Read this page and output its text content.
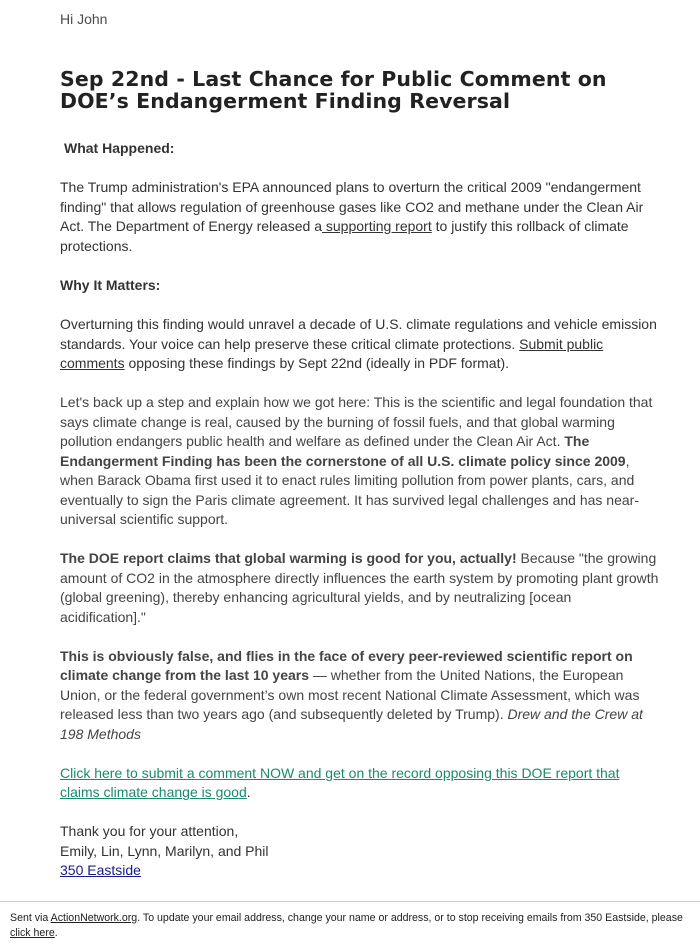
Hi John
Sep 22nd - Last Chance for Public Comment on
DOE’s Endangerment Finding Reversal
What Happened:

The Trump administration's EPA announced plans to overturn the critical 2009 "endangerment finding" that allows regulation of greenhouse gases like CO2 and methane under the Clean Air Act. The Department of Energy released a supporting report to justify this rollback of climate protections.

Why It Matters:

Overturning this finding would unravel a decade of U.S. climate regulations and vehicle emission standards. Your voice can help preserve these critical climate protections. Submit public comments opposing these findings by Sept 22nd (ideally in PDF format).

Let's back up a step and explain how we got here: This is the scientific and legal foundation that says climate change is real, caused by the burning of fossil fuels, and that global warming pollution endangers public health and welfare as defined under the Clean Air Act. The Endangerment Finding has been the cornerstone of all U.S. climate policy since 2009, when Barack Obama first used it to enact rules limiting pollution from power plants, cars, and eventually to sign the Paris climate agreement. It has survived legal challenges and has near-universal scientific support.

The DOE report claims that global warming is good for you, actually! Because "the growing amount of CO2 in the atmosphere directly influences the earth system by promoting plant growth (global greening), thereby enhancing agricultural yields, and by neutralizing [ocean acidification]."

This is obviously false, and flies in the face of every peer-reviewed scientific report on climate change from the last 10 years — whether from the United Nations, the European Union, or the federal government’s own most recent National Climate Assessment, which was released less than two years ago (and subsequently deleted by Trump). Drew and the Crew at 198 Methods

Click here to submit a comment NOW and get on the record opposing this DOE report that claims climate change is good.

Thank you for your attention,
Emily, Lin, Lynn, Marilyn, and Phil
350 Eastside
Sent via ActionNetwork.org. To update your email address, change your name or address, or to stop receiving emails from 350 Eastside, please click here.
